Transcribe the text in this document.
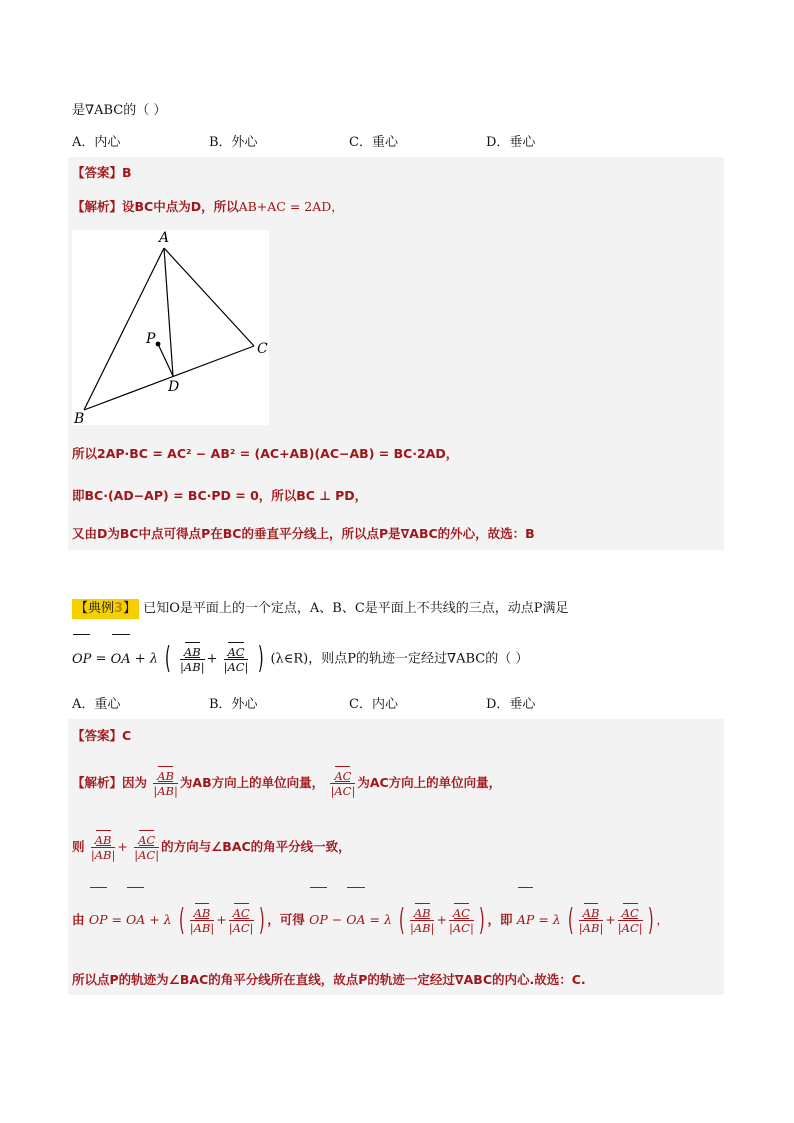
是∇ABC的（ ）
A．内心	B．外心	C．重心	D．垂心
【答案】B
【解析】设BC中点为D，所以AB+AC = 2AD，
A
B
C
D
P
所以2AP·BC = AC² − AB² = (AC+AB)(AC−AB) = BC·2AD，
即BC·(AD−AP) = BC·PD = 0，所以BC ⊥ PD，
又由D为BC中点可得点P在BC的垂直平分线上，所以点P是∇ABC的外心，故选：B
【典例3】 已知O是平面上的一个定点，A、B、C是平面上不共线的三点，动点P满足
OP = OA + λ ( $\frac{AB}{|AB|} + \frac{AC}{|AC|}$ ) (λ∈R)，则点P的轨迹一定经过∇ABC的（ ）
A．重心	B．外心	C．内心	D．垂心
【答案】C
【解析】因为 $\frac{AB}{|AB|}$ 为AB方向上的单位向量， $\frac{AC}{|AC|}$ 为AC方向上的单位向量，
则 $\frac{AB}{|AB|} + \frac{AC}{|AC|}$ 的方向与∠BAC的角平分线一致，
由 OP = OA + λ ( $\frac{AB}{|AB|} + \frac{AC}{|AC|}$ ) ，可得 OP − OA = λ ( $\frac{AB}{|AB|} + \frac{AC}{|AC|}$ ) ，即 AP = λ ( $\frac{AB}{|AB|} + \frac{AC}{|AC|}$ ) ，
所以点P的轨迹为∠BAC的角平分线所在直线，故点P的轨迹一定经过∇ABC的内心.故选：C.
